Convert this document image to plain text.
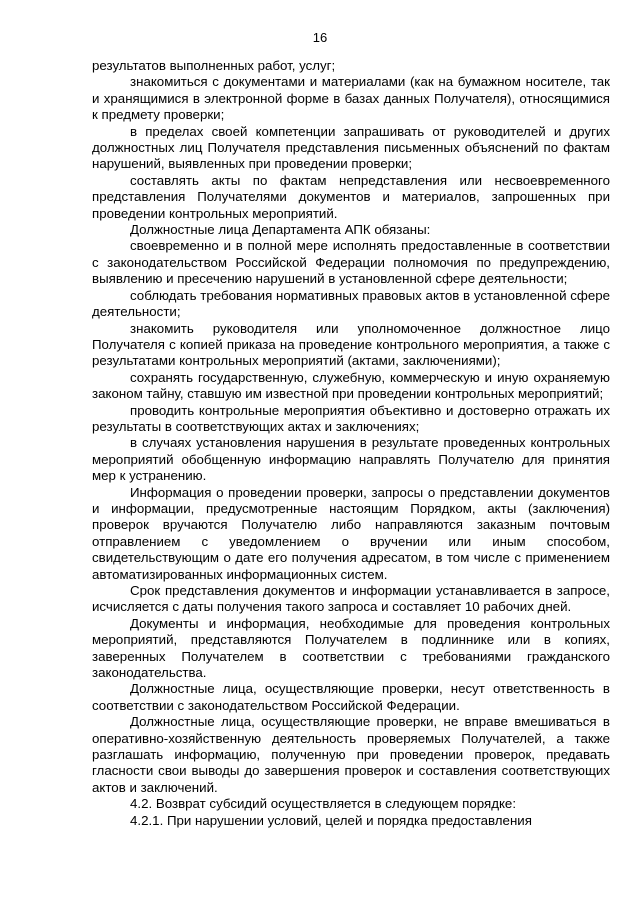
16

результатов выполненных работ, услуг;

знакомиться с документами и материалами (как на бумажном носителе, так и хранящимися в электронной форме в базах данных Получателя), относящимися к предмету проверки;

в пределах своей компетенции запрашивать от руководителей и других должностных лиц Получателя представления письменных объяснений по фактам нарушений, выявленных при проведении проверки;

составлять акты по фактам непредставления или несвоевременного представления Получателями документов и материалов, запрошенных при проведении контрольных мероприятий.

Должностные лица Департамента АПК обязаны:

своевременно и в полной мере исполнять предоставленные в соответствии с законодательством Российской Федерации полномочия по предупреждению, выявлению и пресечению нарушений в установленной сфере деятельности;

соблюдать требования нормативных правовых актов в установленной сфере деятельности;

знакомить руководителя или уполномоченное должностное лицо Получателя с копией приказа на проведение контрольного мероприятия, а также с результатами контрольных мероприятий (актами, заключениями);

сохранять государственную, служебную, коммерческую и иную охраняемую законом тайну, ставшую им известной при проведении контрольных мероприятий;

проводить контрольные мероприятия объективно и достоверно отражать их результаты в соответствующих актах и заключениях;

в случаях установления нарушения в результате проведенных контрольных мероприятий обобщенную информацию направлять Получателю для принятия мер к устранению.

Информация о проведении проверки, запросы о представлении документов и информации, предусмотренные настоящим Порядком, акты (заключения) проверок вручаются Получателю либо направляются заказным почтовым отправлением с уведомлением о вручении или иным способом, свидетельствующим о дате его получения адресатом, в том числе с применением автоматизированных информационных систем.

Срок представления документов и информации устанавливается в запросе, исчисляется с даты получения такого запроса и составляет 10 рабочих дней.

Документы и информация, необходимые для проведения контрольных мероприятий, представляются Получателем в подлиннике или в копиях, заверенных Получателем в соответствии с требованиями гражданского законодательства.

Должностные лица, осуществляющие проверки, несут ответственность в соответствии с законодательством Российской Федерации.

Должностные лица, осуществляющие проверки, не вправе вмешиваться в оперативно-хозяйственную деятельность проверяемых Получателей, а также разглашать информацию, полученную при проведении проверок, предавать гласности свои выводы до завершения проверок и составления соответствующих актов и заключений.

4.2. Возврат субсидий осуществляется в следующем порядке:

4.2.1. При нарушении условий, целей и порядка предоставления
